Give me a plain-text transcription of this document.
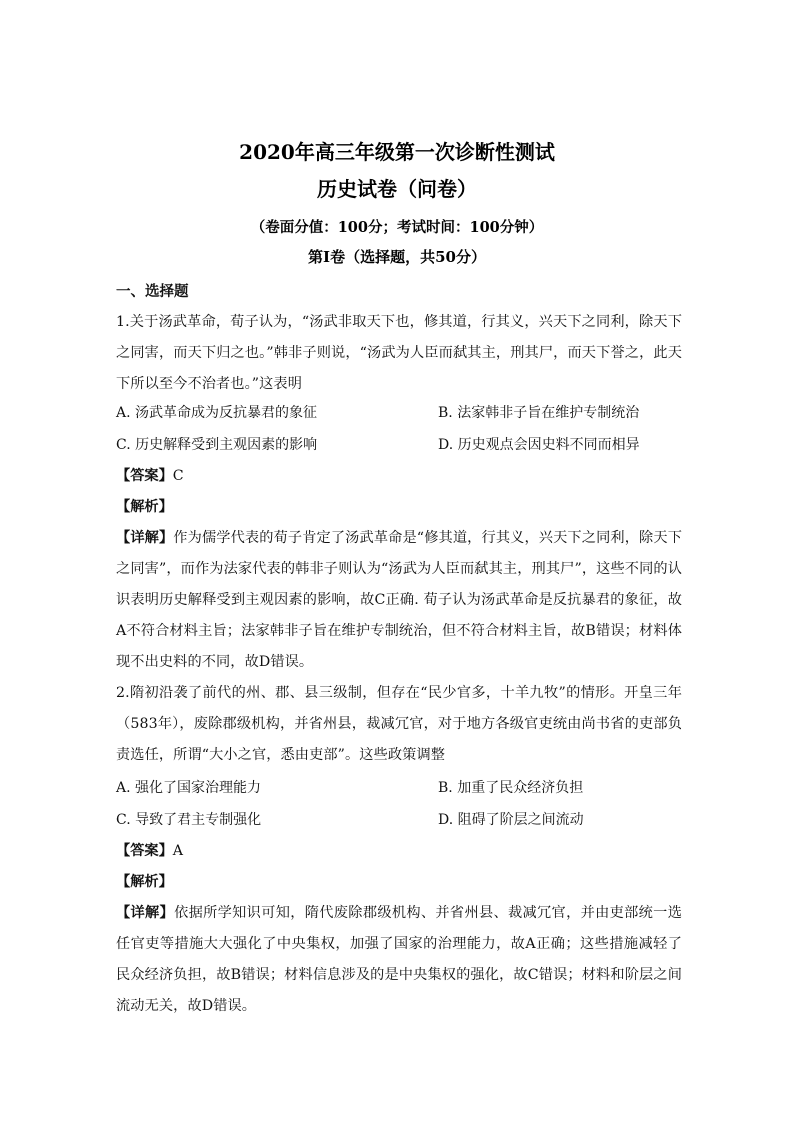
2020年高三年级第一次诊断性测试
历史试卷（问卷）
（卷面分值：100分；考试时间：100分钟）
第Ⅰ卷（选择题，共50分）
一、选择题
1.关于汤武革命，荀子认为，“汤武非取天下也，修其道，行其义，兴天下之同利，除天下之同害，而天下归之也。”韩非子则说，“汤武为人臣而弑其主，刑其尸，而天下誉之，此天下所以至今不治者也。”这表明
A. 汤武革命成为反抗暴君的象征	B. 法家韩非子旨在维护专制统治
C. 历史解释受到主观因素的影响	D. 历史观点会因史料不同而相异
【答案】C
【解析】
【详解】作为儒学代表的荀子肯定了汤武革命是“修其道，行其义，兴天下之同利，除天下之同害”，而作为法家代表的韩非子则认为“汤武为人臣而弑其主，刑其尸”，这些不同的认识表明历史解释受到主观因素的影响，故C正确. 荀子认为汤武革命是反抗暴君的象征，故A不符合材料主旨；法家韩非子旨在维护专制统治，但不符合材料主旨，故B错误；材料体现不出史料的不同，故D错误。
2.隋初沿袭了前代的州、郡、县三级制，但存在“民少官多，十羊九牧”的情形。开皇三年（583年），废除郡级机构，并省州县，裁减冗官，对于地方各级官吏统由尚书省的吏部负责选任，所谓“大小之官，悉由吏部”。这些政策调整
A. 强化了国家治理能力	B. 加重了民众经济负担
C. 导致了君主专制强化	D. 阻碍了阶层之间流动
【答案】A
【解析】
【详解】依据所学知识可知，隋代废除郡级机构、并省州县、裁减冗官，并由吏部统一选任官吏等措施大大强化了中央集权，加强了国家的治理能力，故A正确；这些措施减轻了民众经济负担，故B错误；材料信息涉及的是中央集权的强化，故C错误；材料和阶层之间流动无关，故D错误。
